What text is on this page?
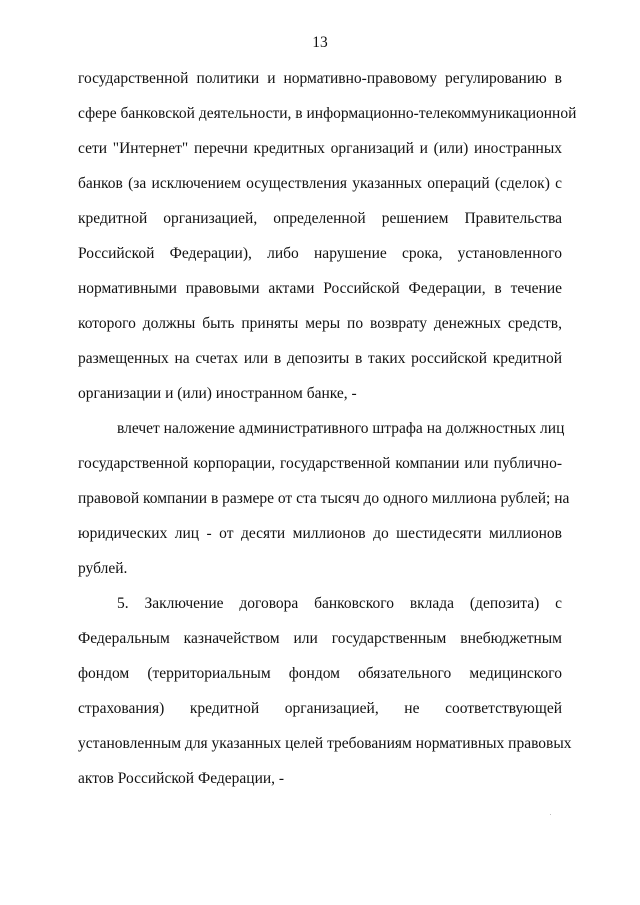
13
государственной политики и нормативно-правовому регулированию в
сфере банковской деятельности, в информационно-телекоммуникационной
сети "Интернет" перечни кредитных организаций и (или) иностранных
банков (за исключением осуществления указанных операций (сделок) с
кредитной организацией, определенной решением Правительства
Российской Федерации), либо нарушение срока, установленного
нормативными правовыми актами Российской Федерации, в течение
которого должны быть приняты меры по возврату денежных средств,
размещенных на счетах или в депозиты в таких российской кредитной
организации и (или) иностранном банке, -
влечет наложение административного штрафа на должностных лиц
государственной корпорации, государственной компании или публично-
правовой компании в размере от ста тысяч до одного миллиона рублей; на
юридических лиц - от десяти миллионов до шестидесяти миллионов
рублей.
5. Заключение договора банковского вклада (депозита) с
Федеральным казначейством или государственным внебюджетным
фондом (территориальным фондом обязательного медицинского
страхования) кредитной организацией, не соответствующей
установленным для указанных целей требованиям нормативных правовых
актов Российской Федерации, -
